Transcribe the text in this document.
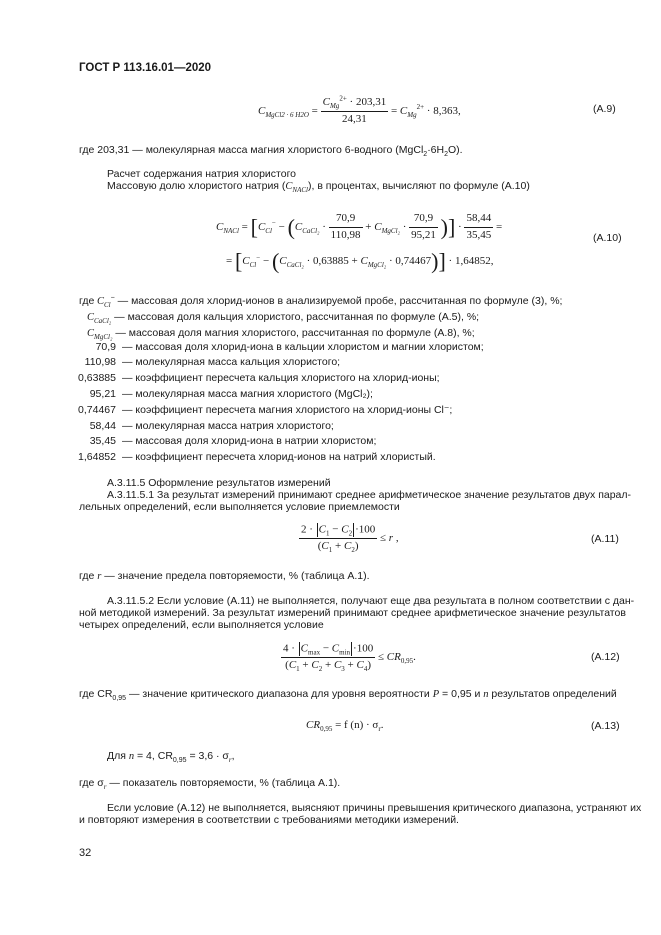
ГОСТ Р 113.16.01—2020
$C_{MgCl2 \cdot 6 H2O} = \frac{C_{Mg}^{2+} \cdot 203,31}{24,31} = C_{Mg}^{2+} \cdot 8,363$,	(А.9)
где 203,31 — молекулярная масса магния хлористого 6-водного $(MgCl_2\cdot 6H_2O)$.
Расчет содержания натрия хлористого
Массовую долю хлористого натрия $(C_{NACl})$, в процентах, вычисляют по формуле (А.10)
$C_{NACl} = [C_{Cl}^- - (C_{CaCl_2} \cdot \frac{70,9}{110,98} + C_{MgCl_2} \cdot \frac{70,9}{95,21}$ )] · $\frac{58,44}{35,45}$ =
(А.10)
= $[C_{Cl}^- - (C_{CaCl_2} \cdot 0,63885 + C_{MgCl_2} \cdot 0,74467)] \cdot 1,64852$,
где $C_{Cl}^-$ — массовая доля хлорид-ионов в анализируемой пробе, рассчитанная по формуле (3), %;
$C_{CaCl_2}$ — массовая доля кальция хлористого, рассчитанная по формуле (А.5), %;
$C_{MgCl_2}$ — массовая доля магния хлористого, рассчитанная по формуле (А.8), %;
70,9 — массовая доля хлорид-иона в кальции хлористом и магнии хлористом;
110,98 — молекулярная масса кальция хлористого;
0,63885 — коэффициент пересчета кальция хлористого на хлорид-ионы;
95,21 — молекулярная масса магния хлористого (MgCl₂);
0,74467 — коэффициент пересчета магния хлористого на хлорид-ионы Cl⁻;
58,44 — молекулярная масса натрия хлористого;
35,45 — массовая доля хлорид-иона в натрии хлористом;
1,64852 — коэффициент пересчета хлорид-ионов на натрий хлористый.
А.3.11.5 Оформление результатов измерений
А.3.11.5.1 За результат измерений принимают среднее арифметическое значение результатов двух парал-
лельных определений, если выполняется условие приемлемости
$\frac{2 \cdot C_1 - C_2 \cdot 100}{(C_1 + C_2)} \le r$ ,	(А.11)
где r — значение предела повторяемости, % (таблица А.1).
А.3.11.5.2 Если условие (А.11) не выполняется, получают еще два результата в полном соответствии с дан-
ной методикой измерений. За результат измерений принимают среднее арифметическое значение результатов
четырех определений, если выполняется условие
$\frac{4 \cdot C_{max} - C_{min} \cdot 100}{(C_1 + C_2 + C_3 + C_4)} \le CR_{0,95}$.	(А.12)
где $CR_{0,95}$ — значение критического диапазона для уровня вероятности P = 0,95 и n результатов определений
$CR_{0,95} = f$ $(n) \cdot \sigma_r$.	(А.13)
Для n = 4, $CR_{0,95} = 3,6 \cdot \sigma_r$,
где $\sigma_r$ — показатель повторяемости, % (таблица А.1).
Если условие (А.12) не выполняется, выясняют причины превышения критического диапазона, устраняют их
и повторяют измерения в соответствии с требованиями методики измерений.
32
